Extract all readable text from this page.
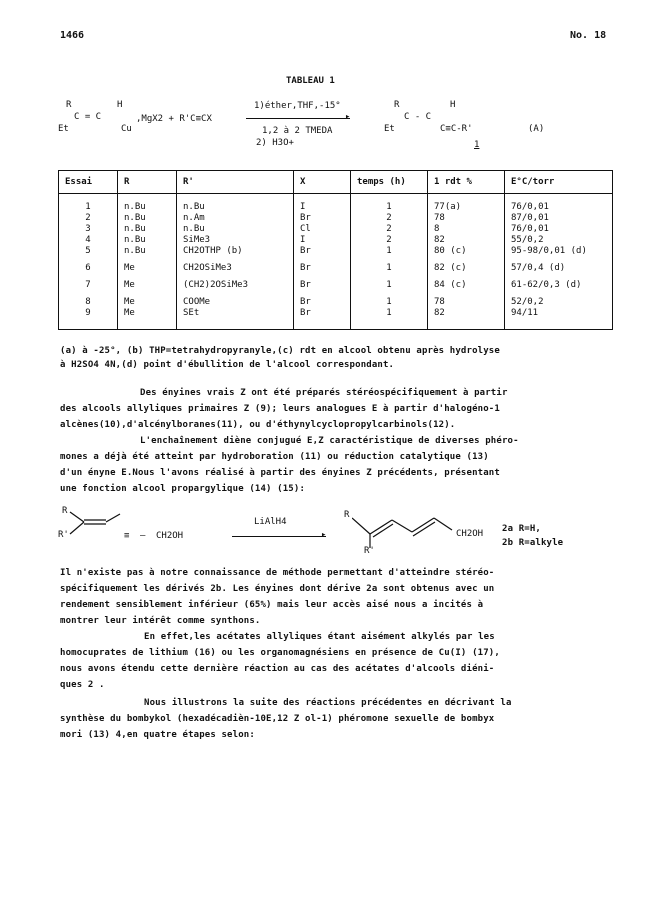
1466	No. 18
TABLEAU 1
R	H
C = C
Et	Cu
,MgX2 + R'C≡CX
1)éther,THF,-15°
▸
1,2 à 2 TMEDA
2) H3O+
R	H
C - C
Et	C≡C-R'
1
(A)
Essai	R	R'	X	temps (h)	1 rdt %	E°C/torr
1	n.Bu	n.Bu	I	1	77(a)	76/0,01
2	n.Bu	n.Am	Br	2	78	87/0,01
3	n.Bu	n.Bu	Cl	2	8	76/0,01
4	n.Bu	SiMe3	I	2	82	55/0,2
5	n.Bu	CH2OTHP (b)	Br	1	80 (c)	95-98/0,01 (d)
6	Me	CH2OSiMe3	Br	1	82 (c)	57/0,4 (d)
7	Me	(CH2)2OSiMe3	Br	1	84 (c)	61-62/0,3 (d)
8	Me	COOMe	Br	1	78	52/0,2
9	Me	SEt	Br	1	82	94/11
(a) à -25°, (b) THP=tetrahydropyranyle,(c) rdt en alcool obtenu après hydrolyse
à H2SO4 4N,(d) point d'ébullition de l'alcool correspondant.
Des ényines vrais Z ont été préparés stéréospécifiquement à partir
des alcools allyliques primaires Z (9); leurs analogues E à partir d'halogéno-1
alcènes(10),d'alcénylboranes(11), ou d'éthynylcyclopropylcarbinols(12).
L'enchaînement diène conjugué E,Z caractéristique de diverses phéro-
mones a déjà été atteint par hydroboration (11) ou réduction catalytique (13)
d'un ényne E.Nous l'avons réalisé à partir des ényines Z précédents, présentant
une fonction alcool propargylique (14) (15):
R
R'	≡ — CH2OH
LiAlH4
▸
R
R'
CH2OH 2a R=H,
2b R=alkyle
Il n'existe pas à notre connaissance de méthode permettant d'atteindre stéréo-
spécifiquement les dérivés 2b. Les ényines dont dérive 2a sont obtenus avec un
rendement sensiblement inférieur (65%) mais leur accès aisé nous a incités à
montrer leur intérêt comme synthons.
En effet,les acétates allyliques étant aisément alkylés par les
homocuprates de lithium (16) ou les organomagnésiens en présence de Cu(I) (17),
nous avons étendu cette dernière réaction au cas des acétates d'alcools diéni-
ques 2 .
Nous illustrons la suite des réactions précédentes en décrivant la
synthèse du bombykol (hexadécadièn-10E,12 Z ol-1) phéromone sexuelle de bombyx
mori (13) 4,en quatre étapes selon:
